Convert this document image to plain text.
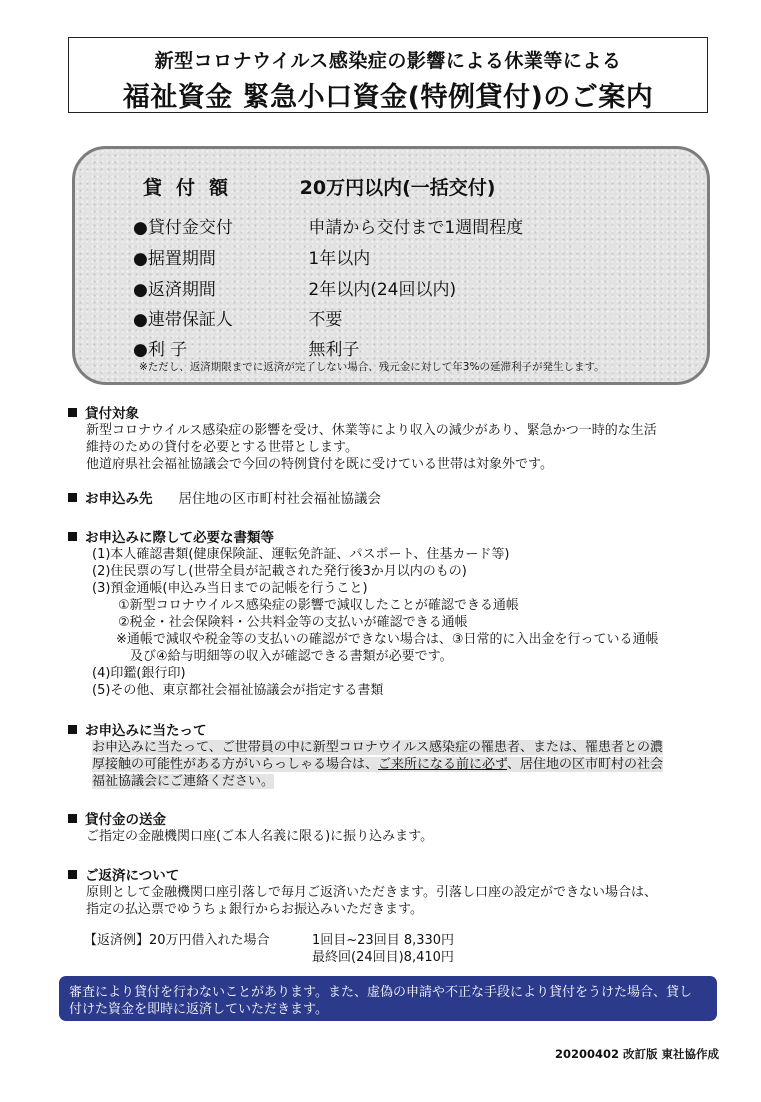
新型コロナウイルス感染症の影響による休業等による
福祉資金 緊急小口資金(特例貸付)のご案内
貸付額	20万円以内(一括交付)
●貸付金交付	申請から交付まで1週間程度
●据置期間	1年以内
●返済期間	2年以内(24回以内)
●連帯保証人	不要
●利 子	無利子
※ただし、返済期限までに返済が完了しない場合、残元金に対して年3%の延滞利子が発生します。
貸付対象
新型コロナウイルス感染症の影響を受け、休業等により収入の減少があり、緊急かつ一時的な生活
維持のための貸付を必要とする世帯とします。
他道府県社会福祉協議会で今回の特例貸付を既に受けている世帯は対象外です。
お申込み先 居住地の区市町村社会福祉協議会
お申込みに際して必要な書類等
(1)本人確認書類(健康保険証、運転免許証、パスポート、住基カード等)
(2)住民票の写し(世帯全員が記載された発行後3か月以内のもの)
(3)預金通帳(申込み当日までの記帳を行うこと)
①新型コロナウイルス感染症の影響で減収したことが確認できる通帳
②税金・社会保険料・公共料金等の支払いが確認できる通帳
※通帳で減収や税金等の支払いの確認ができない場合は、③日常的に入出金を行っている通帳
及び④給与明細等の収入が確認できる書類が必要です。
(4)印鑑(銀行印)
(5)その他、東京都社会福祉協議会が指定する書類
お申込みに当たって
お申込みに当たって、ご世帯員の中に新型コロナウイルス感染症の罹患者、または、罹患者との濃
厚接触の可能性がある方がいらっしゃる場合は、ご来所になる前に必ず、居住地の区市町村の社会
福祉協議会にご連絡ください。
貸付金の送金
ご指定の金融機関口座(ご本人名義に限る)に振り込みます。
ご返済について
原則として金融機関口座引落しで毎月ご返済いただきます。引落し口座の設定ができない場合は、
指定の払込票でゆうちょ銀行からお振込みいただきます。
【返済例】20万円借入れた場合	1回目~23回目 8,330円
最終回(24回目)8,410円
審査により貸付を行わないことがあります。また、虚偽の申請や不正な手段により貸付をうけた場合、貸し
付けた資金を即時に返済していただきます。
20200402 改訂版 東社協作成
